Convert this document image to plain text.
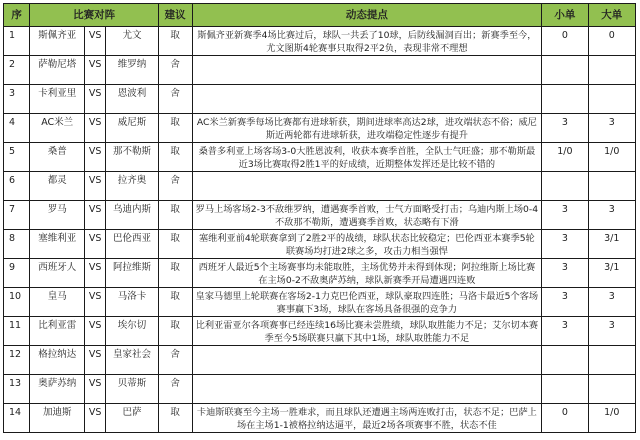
序	比赛对阵			建议	动态提点	小单	大单
1	斯佩齐亚	VS	尤文	取	斯佩齐亚新赛季4场比赛过后，球队一共丢了10球，后防线漏洞百出；新赛季至今，尤文图斯4轮赛事只取得2平2负，表现非常不理想	0	0
2	萨勒尼塔	VS	维罗纳	舍			
3	卡利亚里	VS	恩波利	舍			
4	AC米兰	VS	威尼斯	取	AC米兰新赛季每场比赛都有进球斩获，期间进球率高达2球，进攻端状态不俗；威尼斯近两轮都有进球斩获，进攻端稳定性逐步有提升	3	3
5	桑普	VS	那不勒斯	取	桑普多利亚上场客场3-0大胜恩波利，收获本赛季首胜，全队士气旺盛；那不勒斯最近3场比赛取得2胜1平的好成绩，近期整体发挥还是比较不错的	1/0	1/0
6	都灵	VS	拉齐奥	舍			
7	罗马	VS	乌迪内斯	取	罗马上场客场2-3不敌维罗纳，遭遇赛季首败，士气方面略受打击；乌迪内斯上场0-4不敌那不勒斯，遭遇赛季首败，状态略有下滑	3	3
8	塞维利亚	VS	巴伦西亚	取	塞维利亚前4轮联赛拿到了2胜2平的战绩，球队状态比较稳定；巴伦西亚本赛季5轮联赛场均打进2球之多，攻击力相当强悍	3	3/1
9	西班牙人	VS	阿拉维斯	取	西班牙人最近5个主场赛事均未能取胜，主场优势并未得到体现；阿拉维斯上场比赛在主场0-2不敌奥萨苏纳，球队新赛季开局遭遇四连败	3	3/1
10	皇马	VS	马洛卡	取	皇家马德里上轮联赛在客场2-1力克巴伦西亚，球队豪取四连胜；马洛卡最近5个客场赛事赢下3场，球队在客场具备很强的竞争力	3	3
11	比利亚雷	VS	埃尔切	取	比利亚雷亚尔各项赛事已经连续16场比赛未尝胜绩，球队取胜能力不足；艾尔切本赛季至今5场联赛只赢下其中1场，球队取胜能力不足	3	3
12	格拉纳达	VS	皇家社会	舍			
13	奥萨苏纳	VS	贝蒂斯	舍			
14	加迪斯	VS	巴萨	取	卡迪斯联赛至今主场一胜难求，而且球队还遭遇主场两连败打击，状态不足；巴萨上场在主场1-1被格拉纳达逼平，最近2场各项赛事不胜，状态不佳	0	1/0
